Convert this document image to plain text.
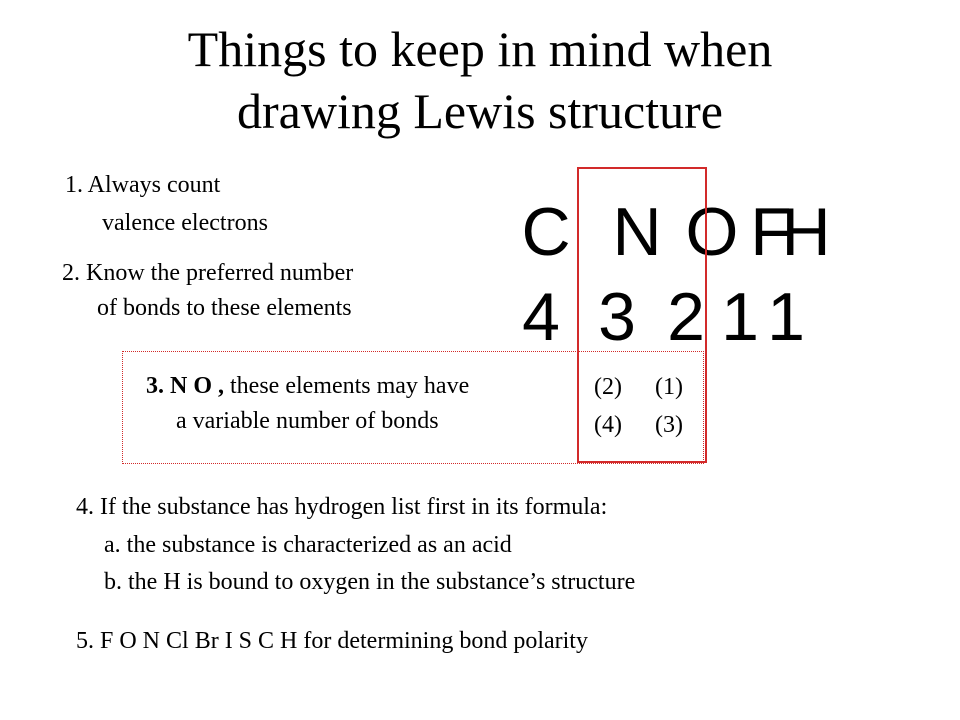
Things to keep in mind when
drawing Lewis structure
1. Always count
valence electrons
2. Know the preferred number
of bonds to these elements
C N O F
H
4 3 2 1 1
3. N O , these elements may have
a variable number of bonds
(2)
(4)
(1)
(3)
4. If the substance has hydrogen list first in its formula:
a. the substance is characterized as an acid
b. the H is bound to oxygen in the substance’s structure
5. F O N Cl Br I S C H for determining bond polarity
